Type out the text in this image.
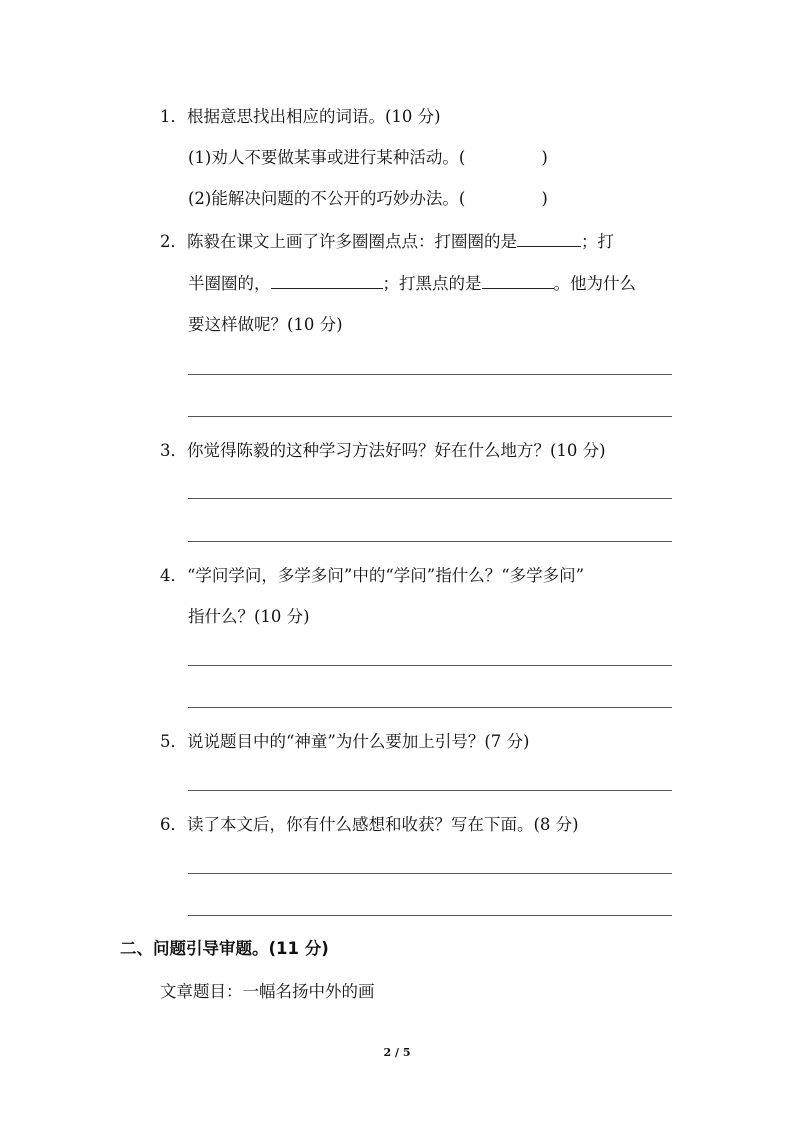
1．根据意思找出相应的词语。(10 分)
(1)劝人不要做某事或进行某种活动。(	)
(2)能解决问题的不公开的巧妙办法。(	)
2．陈毅在课文上画了许多圈圈点点：打圈圈的是	；打
半圈圈的，	；打黑点的是	。他为什么
要这样做呢？(10 分)
3．你觉得陈毅的这种学习方法好吗？好在什么地方？(10 分)
4．“学问学问，多学多问”中的“学问”指什么？“多学多问”
指什么？(10 分)
5．说说题目中的“神童”为什么要加上引号？(7 分)
6．读了本文后，你有什么感想和收获？写在下面。(8 分)
二、问题引导审题。(11 分)
文章题目：一幅名扬中外的画
2 / 5
